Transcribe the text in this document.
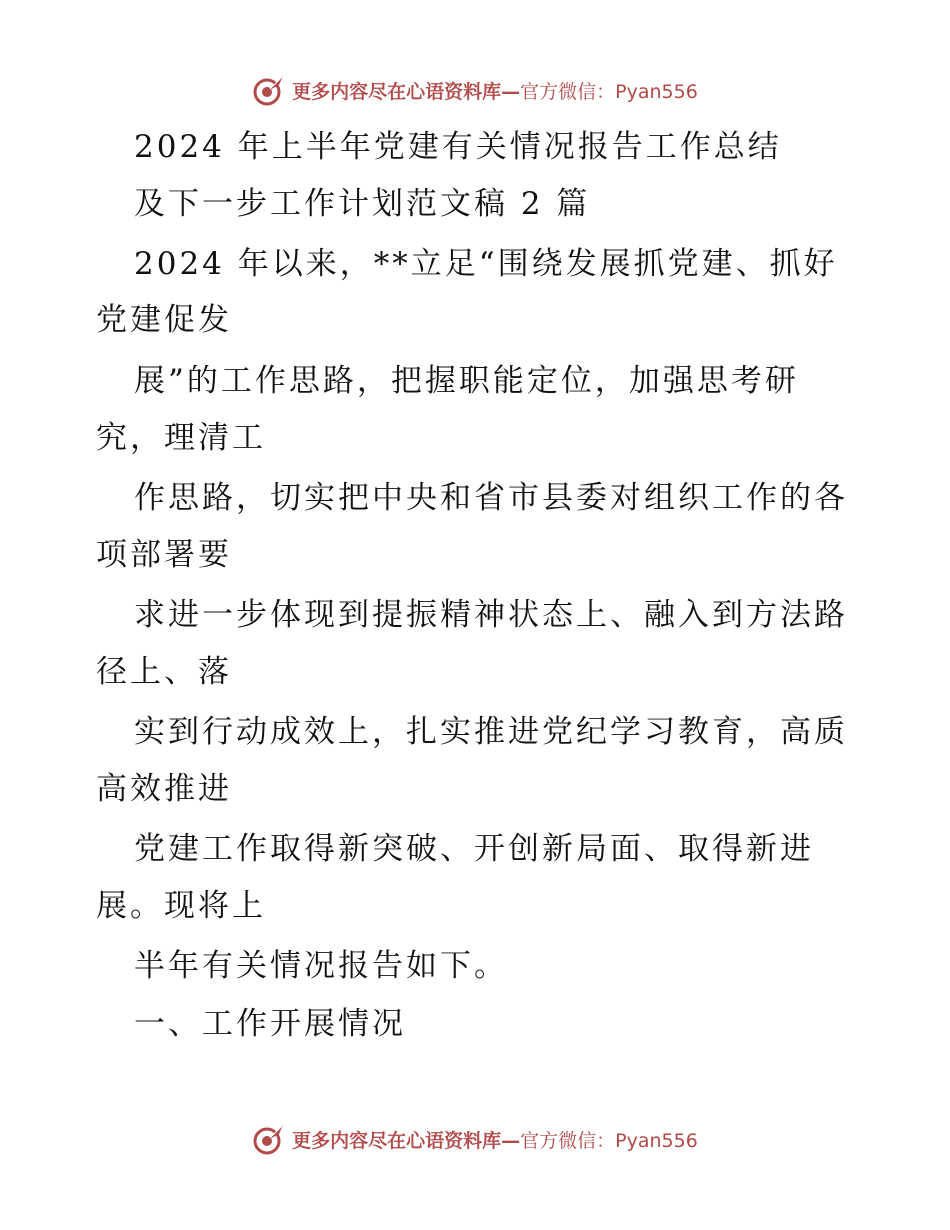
更多内容尽在心语资料库—官方微信：Pyan556
2024 年上半年党建有关情况报告工作总结
及下一步工作计划范文稿 2 篇
2024 年以来，**立足“围绕发展抓党建、抓好
党建促发
展”的工作思路，把握职能定位，加强思考研
究，理清工
作思路，切实把中央和省市县委对组织工作的各
项部署要
求进一步体现到提振精神状态上、融入到方法路
径上、落
实到行动成效上，扎实推进党纪学习教育，高质
高效推进
党建工作取得新突破、开创新局面、取得新进
展。现将上
半年有关情况报告如下。
一、工作开展情况
更多内容尽在心语资料库—官方微信：Pyan556
